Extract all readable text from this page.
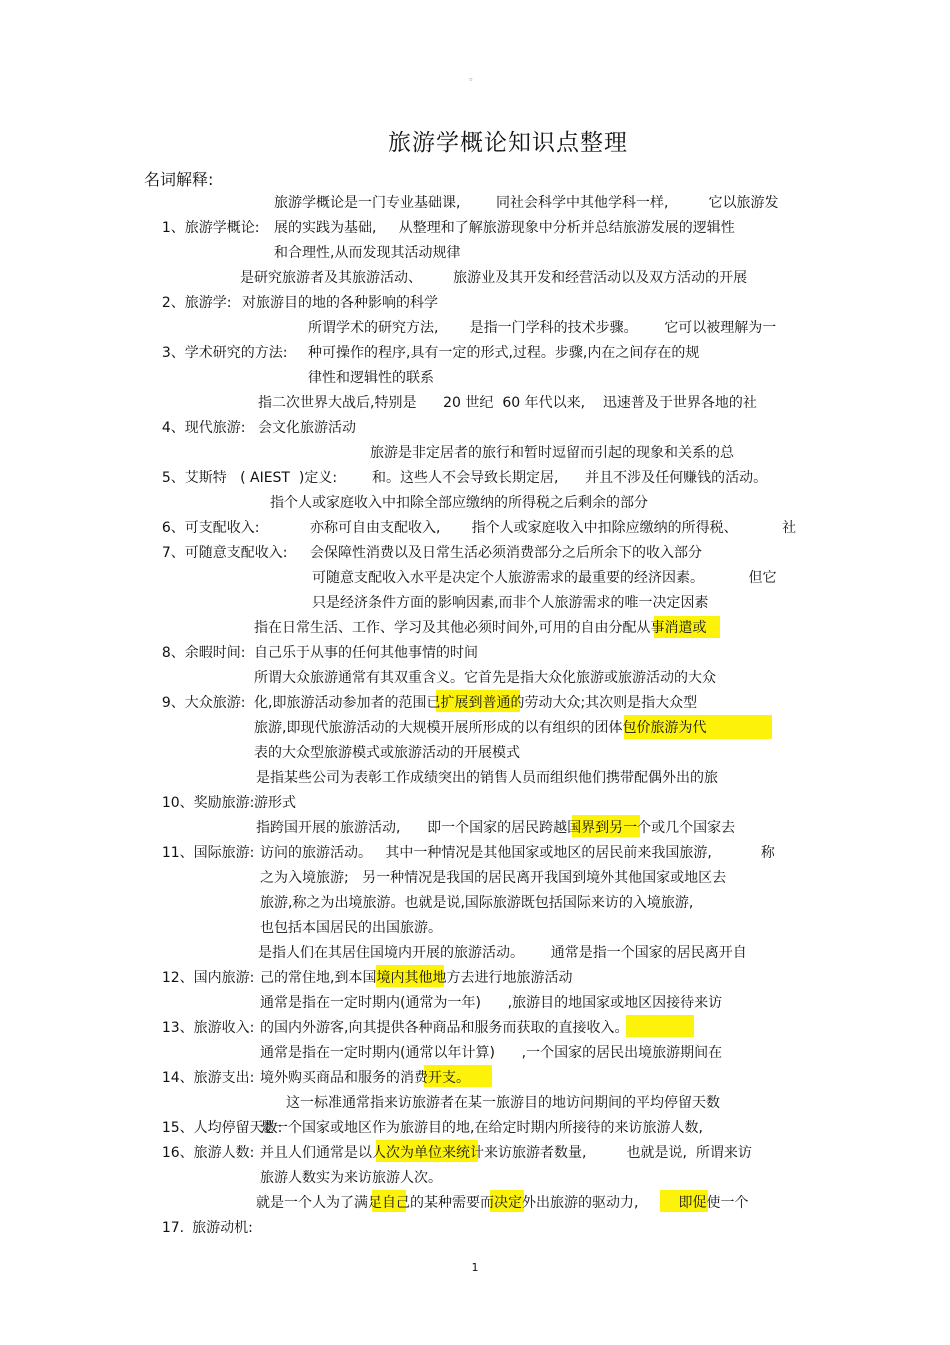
。
旅游学概论知识点整理
名词解释:

1、旅游学概论:
旅游学概论是一门专业基础课,        同社会科学中其他学科一样,         它以旅游发

展的实践为基础,     从整理和了解旅游现象中分析并总结旅游发展的逻辑性

和合理性,从而发现其活动规律

2、旅游学:
是研究旅游者及其旅游活动、       旅游业及其开发和经营活动以及双方活动的开展

对旅游目的地的各种影响的科学

3、学术研究的方法:
所谓学术的研究方法,       是指一门学科的技术步骤。      它可以被理解为一

种可操作的程序,具有一定的形式,过程。步骤,内在之间存在的规

律性和逻辑性的联系

4、现代旅游:
指二次世界大战后,特别是      20 世纪  60 年代以来,    迅速普及于世界各地的社

会文化旅游活动

5、艾斯特   ( AIEST  )定义:
旅游是非定居者的旅行和暂时逗留而引起的现象和关系的总

和。这些人不会导致长期定居,      并且不涉及任何赚钱的活动。

6、可支配收入:
指个人或家庭收入中扣除全部应缴纳的所得税之后剩余的部分

7、可随意支配收入:
亦称可自由支配收入,       指个人或家庭收入中扣除应缴纳的所得税、          社

会保障性消费以及日常生活必须消费部分之后所余下的收入部分

可随意支配收入水平是决定个人旅游需求的最重要的经济因素。          但它

只是经济条件方面的影响因素,而非个人旅游需求的唯一决定因素

8、余暇时间:
指在日常生活、工作、学习及其他必须时间外,可用的自由分配从事消遣或

自己乐于从事的任何其他事情的时间

9、大众旅游:
所谓大众旅游通常有其双重含义。它首先是指大众化旅游或旅游活动的大众

化,即旅游活动参加者的范围已扩展到普通的劳动大众;其次则是指大众型

旅游,即现代旅游活动的大规模开展所形成的以有组织的团体包价旅游为代

表的大众型旅游模式或旅游活动的开展模式

10、奖励旅游:
是指某些公司为表彰工作成绩突出的销售人员而组织他们携带配偶外出的旅

游形式

11、国际旅游:
指跨国开展的旅游活动,      即一个国家的居民跨越国界到另一个或几个国家去

访问的旅游活动。   其中一种情况是其他国家或地区的居民前来我国旅游,           称

之为入境旅游;   另一种情况是我国的居民离开我国到境外其他国家或地区去

旅游,称之为出境旅游。也就是说,国际旅游既包括国际来访的入境旅游,

也包括本国居民的出国旅游。

12、国内旅游:
是指人们在其居住国境内开展的旅游活动。      通常是指一个国家的居民离开自

己的常住地,到本国境内其他地方去进行地旅游活动

13、旅游收入:
通常是指在一定时期内(通常为一年)      ,旅游目的地国家或地区因接待来访

的国内外游客,向其提供各种商品和服务而获取的直接收入。

14、旅游支出:
通常是指在一定时期内(通常以年计算)      ,一个国家的居民出境旅游期间在

境外购买商品和服务的消费开支。

15、人均停留天数:
这一标准通常指来访旅游者在某一旅游目的地访问期间的平均停留天数

16、旅游人数:
是一个国家或地区作为旅游目的地,在给定时期内所接待的来访旅游人数,

并且人们通常是以人次为单位来统计来访旅游者数量,         也就是说,  所谓来访

旅游人数实为来访旅游人次。

17. 旅游动机:
就是一个人为了满足自己的某种需要而决定外出旅游的驱动力,         即促使一个

1
